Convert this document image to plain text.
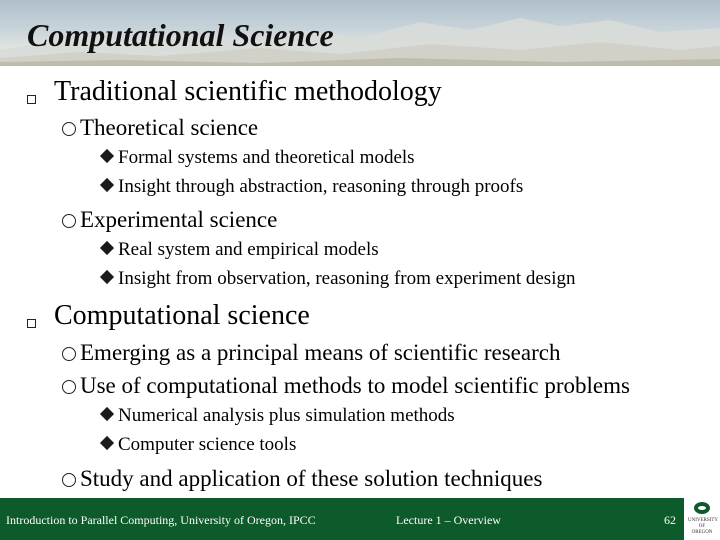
Computational Science
Traditional scientific methodology
Theoretical science
Formal systems and theoretical models
Insight through abstraction, reasoning through proofs
Experimental science
Real system and empirical models
Insight from observation, reasoning from experiment design
Computational science
Emerging as a principal means of scientific research
Use of computational methods to model scientific problems
Numerical analysis plus simulation methods
Computer science tools
Study and application of these solution techniques
Introduction to Parallel Computing, University of Oregon, IPCC	Lecture 1 – Overview	62 UNIVERSITY OF OREGON
